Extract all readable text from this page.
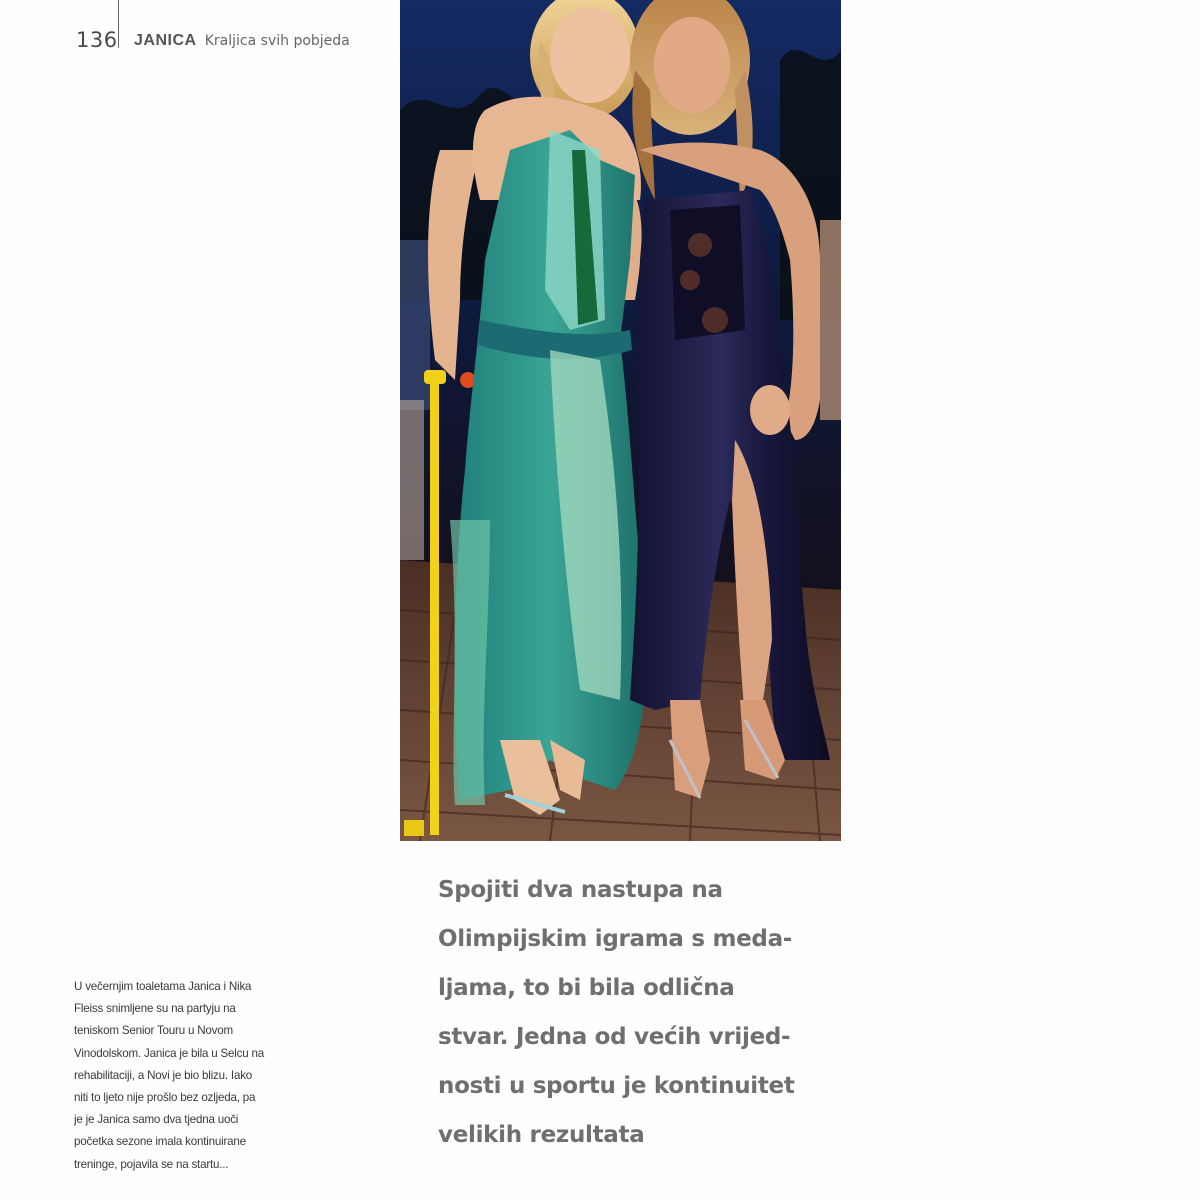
136 JANICA Kraljica svih pobjeda
U večernjim toaletama Janica i Nika
Fleiss snimljene su na partyju na
teniskom Senior Touru u Novom
Vinodolskom. Janica je bila u Selcu na
rehabilitaciji, a Novi je bio blizu. Iako
niti to ljeto nije prošlo bez ozljeda, pa
je je Janica samo dva tjedna uoči
početka sezone imala kontinuirane
treninge, pojavila se na startu...
Spojiti dva nastupa na
Olimpijskim igrama s meda-
ljama, to bi bila odlična
stvar. Jedna od većih vrijed-
nosti u sportu je kontinuitet
velikih rezultata
